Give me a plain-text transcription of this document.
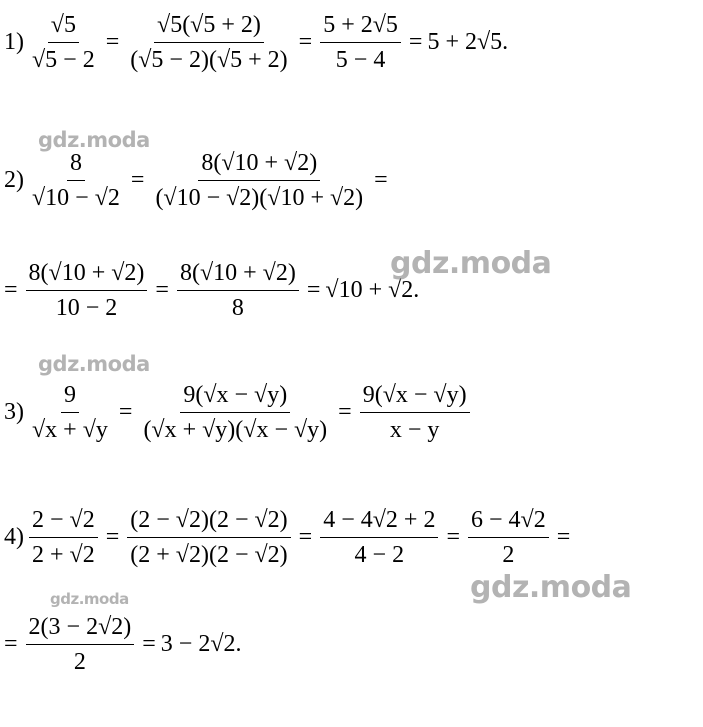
$1) \frac{√5}{√5 - 2} = \frac{√5(√5 + 2)}{(√5 - 2)(√5 + 2)} = \frac{5 + 2√5}{5 - 4} = 5 + 2√5$.
$2) \frac{8}{√10 - √2} = \frac{8(√10 + √2)}{(√10 - √2)(√10 + √2)}$ =
= $\frac{8(√10 + √2)}{10 - 2} = \frac{8(√10 + √2)}{8} = √10 + √2$.
$3) \frac{9}{√x + √y} = \frac{9(√x - √y)}{(√x + √y)(√x - √y)} = \frac{9(√x - √y)}{x - y}$
$4) \frac{2 - √2}{2 + √2} = \frac{(2 - √2)(2 - √2)}{(2 + √2)(2 - √2)} = \frac{4 - 4√2 + 2}{4 - 2} = \frac{6 - 4√2}{2}$ =
= $\frac{2(3 - 2√2)}{2} = 3 - 2√2$.
gdz.moda
gdz.moda
gdz.moda
gdz.moda
gdz.moda
